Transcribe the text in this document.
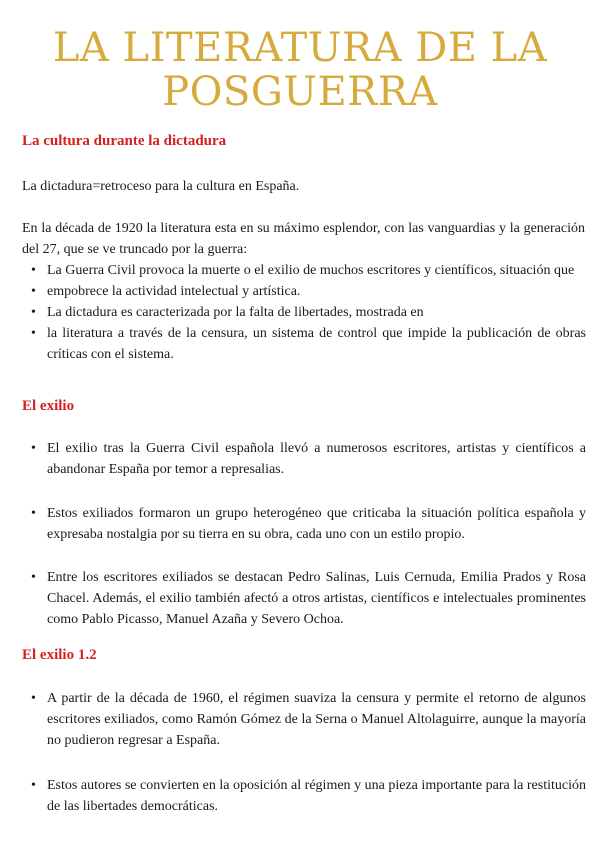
LA LITERATURA DE LA
POSGUERRA
La cultura durante la dictadura
La dictadura=retroceso para la cultura en España.
En la década de 1920 la literatura esta en su máximo esplendor, con las vanguardias y la generación del 27, que se ve truncado por la guerra:
• La Guerra Civil provoca la muerte o el exilio de muchos escritores y científicos, situación que
• empobrece la actividad intelectual y artística.
• La dictadura es caracterizada por la falta de libertades, mostrada en
• la literatura a través de la censura, un sistema de control que impide la publicación de obras críticas con el sistema.
El exilio
• El exilio tras la Guerra Civil española llevó a numerosos escritores, artistas y científicos a abandonar España por temor a represalias.
• Estos exiliados formaron un grupo heterogéneo que criticaba la situación política española y expresaba nostalgia por su tierra en su obra, cada uno con un estilo propio.
• Entre los escritores exiliados se destacan Pedro Salinas, Luis Cernuda, Emilia Prados y Rosa Chacel. Además, el exilio también afectó a otros artistas, científicos e intelectuales prominentes como Pablo Picasso, Manuel Azaña y Severo Ochoa.
El exilio 1.2
• A partir de la década de 1960, el régimen suaviza la censura y permite el retorno de algunos escritores exiliados, como Ramón Gómez de la Serna o Manuel Altolaguirre, aunque la mayoría no pudieron regresar a España.
• Estos autores se convierten en la oposición al régimen y una pieza importante para la restitución de las libertades democráticas.
